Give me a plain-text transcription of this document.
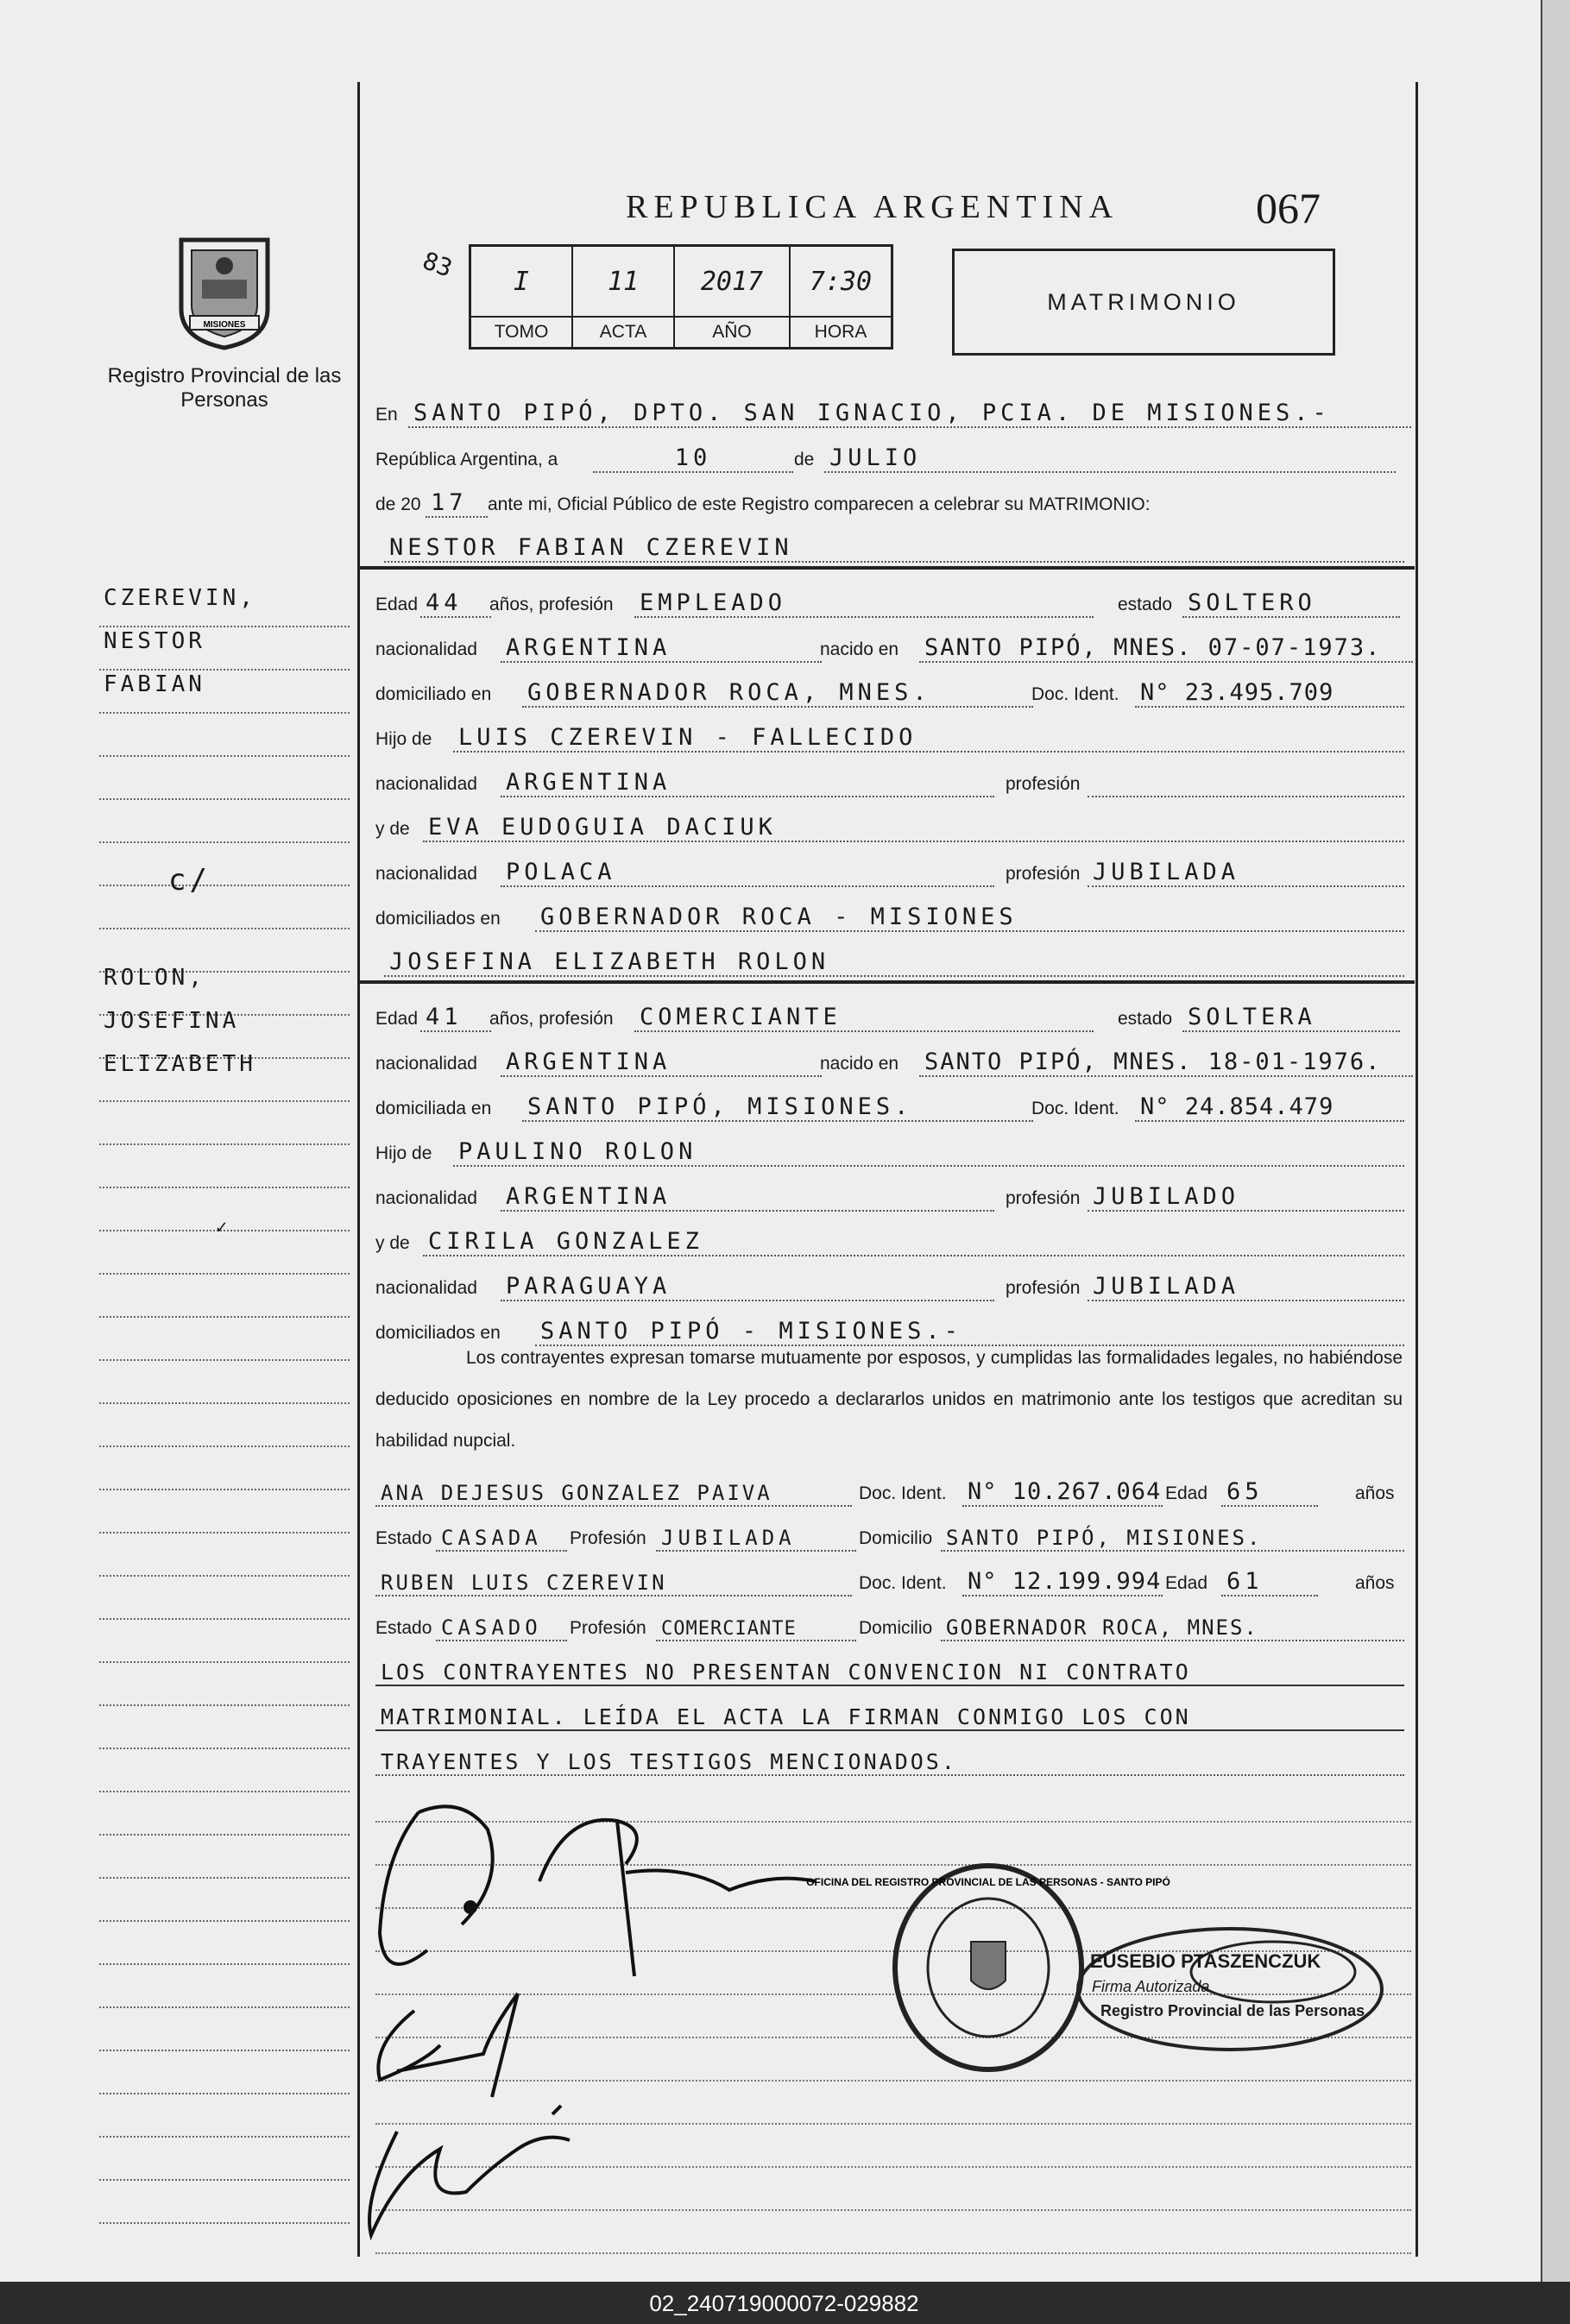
MISIONES
Registro Provincial de las Personas
REPUBLICA ARGENTINA	067
83	I	11	2017	7:30
TOMO	ACTA	AÑO	HORA
MATRIMONIO
En SANTO PIPÓ, DPTO. SAN IGNACIO, PCIA. DE MISIONES.-
República Argentina, a	10	de JULIO
de 20 17	ante mi, Oficial Público de este Registro comparecen a celebrar su MATRIMONIO:
NESTOR FABIAN CZEREVIN
Edad 44	años, profesión EMPLEADO	estado SOLTERO
nacionalidad ARGENTINA	nacido en SANTO PIPÓ, MNES. 07-07-1973.
domiciliado en GOBERNADOR ROCA, MNES.	Doc. Ident. N° 23.495.709
Hijo de LUIS CZEREVIN - FALLECIDO
nacionalidad ARGENTINA	profesión
y de EVA EUDOGUIA DACIUK
nacionalidad POLACA	profesión JUBILADA
domiciliados en GOBERNADOR ROCA - MISIONES
JOSEFINA ELIZABETH ROLON
Edad 41	años, profesión COMERCIANTE	estado SOLTERA
nacionalidad ARGENTINA	nacido en SANTO PIPÓ, MNES. 18-01-1976.
domiciliada en SANTO PIPÓ, MISIONES.	Doc. Ident. N° 24.854.479
Hijo de PAULINO ROLON
nacionalidad ARGENTINA	profesión JUBILADO
y de CIRILA GONZALEZ
nacionalidad PARAGUAYA	profesión JUBILADA
domiciliados en SANTO PIPÓ - MISIONES.-
Los contrayentes expresan tomarse mutuamente por esposos, y cumplidas las formalidades legales, no habiéndose deducido oposiciones en nombre de la Ley procedo a declararlos unidos en matrimonio ante los testigos que acreditan su habilidad nupcial.
ANA DEJESUS GONZALEZ PAIVA	Doc. Ident. N° 10.267.064 Edad 65	años
Estado CASADA	Profesión JUBILADA	Domicilio SANTO PIPÓ, MISIONES.
RUBEN LUIS CZEREVIN	Doc. Ident. N° 12.199.994 Edad 61	años
Estado CASADO	Profesión COMERCIANTE	Domicilio GOBERNADOR ROCA, MNES.
LOS CONTRAYENTES NO PRESENTAN CONVENCION NI CONTRATO
MATRIMONIAL. LEÍDA EL ACTA LA FIRMAN CONMIGO LOS CON
TRAYENTES Y LOS TESTIGOS MENCIONADOS.
CZEREVIN,
NESTOR
FABIAN
c/
ROLON,
JOSEFINA
ELIZABETH
✓
OFICINA DEL REGISTRO PROVINCIAL DE LAS PERSONAS - SANTO PIPÓ
EUSEBIO PTASZENCZUK
Firma Autorizada
Registro Provincial de las Personas
02_240719000072-029882
